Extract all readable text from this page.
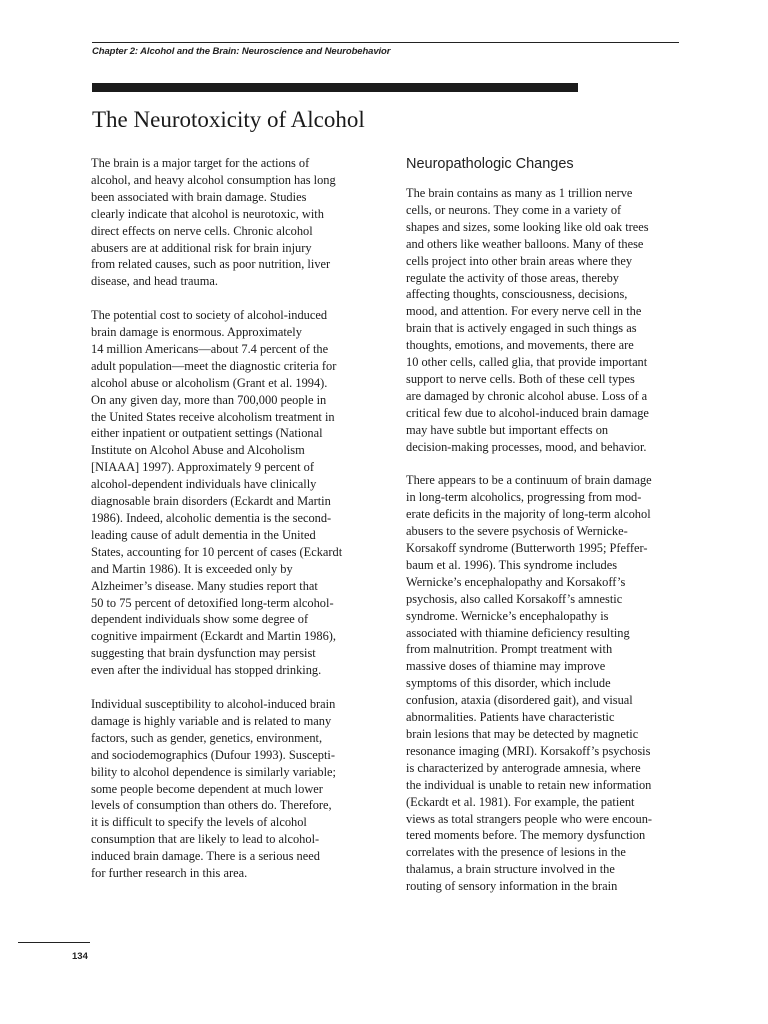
Chapter 2: Alcohol and the Brain: Neuroscience and Neurobehavior
The Neurotoxicity of Alcohol

The brain is a major target for the actions of
alcohol, and heavy alcohol consumption has long
been associated with brain damage. Studies
clearly indicate that alcohol is neurotoxic, with
direct effects on nerve cells. Chronic alcohol
abusers are at additional risk for brain injury
from related causes, such as poor nutrition, liver
disease, and head trauma.

The potential cost to society of alcohol-induced
brain damage is enormous. Approximately
14 million Americans—about 7.4 percent of the
adult population—meet the diagnostic criteria for
alcohol abuse or alcoholism (Grant et al. 1994).
On any given day, more than 700,000 people in
the United States receive alcoholism treatment in
either inpatient or outpatient settings (National
Institute on Alcohol Abuse and Alcoholism
[NIAAA] 1997). Approximately 9 percent of
alcohol-dependent individuals have clinically
diagnosable brain disorders (Eckardt and Martin
1986). Indeed, alcoholic dementia is the second-
leading cause of adult dementia in the United
States, accounting for 10 percent of cases (Eckardt
and Martin 1986). It is exceeded only by
Alzheimer’s disease. Many studies report that
50 to 75 percent of detoxified long-term alcohol-
dependent individuals show some degree of
cognitive impairment (Eckardt and Martin 1986),
suggesting that brain dysfunction may persist
even after the individual has stopped drinking.

Individual susceptibility to alcohol-induced brain
damage is highly variable and is related to many
factors, such as gender, genetics, environment,
and sociodemographics (Dufour 1993). Suscepti-
bility to alcohol dependence is similarly variable;
some people become dependent at much lower
levels of consumption than others do. Therefore,
it is difficult to specify the levels of alcohol
consumption that are likely to lead to alcohol-
induced brain damage. There is a serious need
for further research in this area.

Neuropathologic Changes

The brain contains as many as 1 trillion nerve
cells, or neurons. They come in a variety of
shapes and sizes, some looking like old oak trees
and others like weather balloons. Many of these
cells project into other brain areas where they
regulate the activity of those areas, thereby
affecting thoughts, consciousness, decisions,
mood, and attention. For every nerve cell in the
brain that is actively engaged in such things as
thoughts, emotions, and movements, there are
10 other cells, called glia, that provide important
support to nerve cells. Both of these cell types
are damaged by chronic alcohol abuse. Loss of a
critical few due to alcohol-induced brain damage
may have subtle but important effects on
decision-making processes, mood, and behavior.

There appears to be a continuum of brain damage
in long-term alcoholics, progressing from mod-
erate deficits in the majority of long-term alcohol
abusers to the severe psychosis of Wernicke-
Korsakoff syndrome (Butterworth 1995; Pfeffer-
baum et al. 1996). This syndrome includes
Wernicke’s encephalopathy and Korsakoff’s
psychosis, also called Korsakoff’s amnestic
syndrome. Wernicke’s encephalopathy is
associated with thiamine deficiency resulting
from malnutrition. Prompt treatment with
massive doses of thiamine may improve
symptoms of this disorder, which include
confusion, ataxia (disordered gait), and visual
abnormalities. Patients have characteristic
brain lesions that may be detected by magnetic
resonance imaging (MRI). Korsakoff’s psychosis
is characterized by anterograde amnesia, where
the individual is unable to retain new information
(Eckardt et al. 1981). For example, the patient
views as total strangers people who were encoun-
tered moments before. The memory dysfunction
correlates with the presence of lesions in the
thalamus, a brain structure involved in the
routing of sensory information in the brain

134
